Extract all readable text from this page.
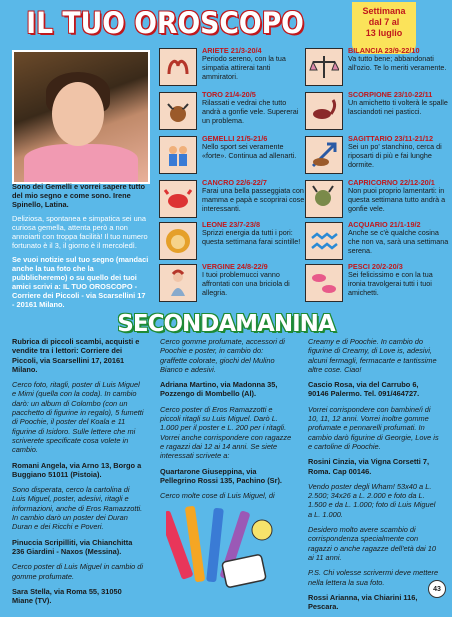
IL TUO OROSCOPO	Settimana
dal 7 al
13 luglio

Sono dei Gemelli e vorrei sapere tutto del mio segno e come sono. Irene Spinello, Latina.

Deliziosa, spontanea e simpatica sei una curiosa gemella, attenta però a non annoiarti con troppa facilità! Il tuo numero fortunato è il 3, il giorno è il mercoledì.

Se vuoi notizie sul tuo segno (mandaci anche la tua foto che la pubblicheremo) o su quello dei tuoi amici scrivi a: IL TUO OROSCOPO - Corriere dei Piccoli - via Scarsellini 17 - 20161 Milano.

ARIETE 21/3-20/4
Periodo sereno, con la tua simpatia attirerai tanti ammiratori.
TORO 21/4-20/5
Rilassati e vedrai che tutto andrà a gonfie vele. Supererai un problema.
GEMELLI 21/5-21/6
Nello sport sei veramente «forte». Continua ad allenarti.
CANCRO 22/6-22/7
Farai una bella passeggiata con mamma e papà e scoprirai cose interessanti.
LEONE 23/7-23/8
Sprizzi energia da tutti i pori: questa settimana farai scintille!
VERGINE 24/8-22/9
I tuoi problemucci vanno affrontati con una briciola di allegria.
BILANCIA 23/9-22/10
Va tutto bene; abbandonati all'ozio. Te lo meriti veramente.
SCORPIONE 23/10-22/11
Un amichetto ti volterà le spalle lasciandoti nei pasticci.
SAGITTARIO 23/11-21/12
Sei un po' stanchino, cerca di riposarti di più e fai lunghe dormite.
CAPRICORNO 22/12-20/1
Non puoi proprio lamentarti: in questa settimana tutto andrà a gonfie vele.
ACQUARIO 21/1-19/2
Anche se c'è qualche cosina che non va, sarà una settimana serena.
PESCI 20/2-20/3
Sei felicissimo e con la tua ironia travolgerai tutti i tuoi amichetti.
SECONDAMANINA

Rubrica di piccoli scambi, acquisti e vendite tra i lettori: Corriere dei Piccoli, via Scarsellini 17, 20161 Milano.

Cerco foto, ritagli, poster di Luis Miguel e Mimi (quella con la coda). In cambio darò: un album di Colombo (con un pacchetto di figurine in regalo), 5 fumetti di Poochie, il poster del Koala e 11 figurine di Isidoro. Sulle lettere che mi scriverete specificate cosa volete in cambio.

Romani Angela, via Arno 13, Borgo a Buggiano 51011 (Pistoia).

Sono disperata, cerco la cartolina di Luis Miguel, poster, adesivi, ritagli e informazioni, anche di Eros Ramazzotti. In cambio darò un poster dei Duran Duran e dei Ricchi e Poveri.

Pinuccia Scripilliti, via Chianchitta 236 Giardini - Naxos (Messina).

Cerco poster di Luis Miguel in cambio di gomme profumate.

Sara Stella, via Roma 55, 31050 Miane (TV).

Cerco gomme profumate, accessori di Poochie e poster, in cambio do: graffette colorate, giochi del Mulino Bianco e adesivi.

Adriana Martino, via Madonna 35, Pozzengo di Mombello (Al).

Cerco poster di Eros Ramazzotti e piccoli ritagli su Luis Miguel. Darò L. 1.000 per il poster e L. 200 per i ritagli. Vorrei anche corrispondere con ragazze e ragazzi dai 12 ai 14 anni. Se siete interessati scrivete a:

Quartarone Giuseppina, via Pellegrino Rossi 135, Pachino (Sr).

Cerco molte cose di Luis Miguel, di

Creamy e di Poochie. In cambio do figurine di Creamy, di Love is, adesivi, alcuni fermagli, fermacarte e tantissime altre cose. Ciao!

Cascio Rosa, via del Carrubo 6, 90146 Palermo. Tel. 091/464727.

Vorrei corrispondere con bambine/i di 10, 11, 12 anni. Vorrei inoltre gomme profumate e pennarelli profumati. In cambio darò figurine di Georgie, Love is e cartoline di Poochie.

Rosini Cinzia, via Vigna Corsetti 7, Roma. Cap 00146.

Vendo poster degli Wham! 53x40 a L. 2.500; 34x26 a L. 2.000 e foto da L. 1.500 e da L. 1.000; foto di Luis Miguel a L. 1.000.

Desidero molto avere scambio di corrispondenza specialmente con ragazzi o anche ragazze dell'età dai 10 ai 11 anni.

P.S. Chi volesse scrivermi deve mettere nella lettera la sua foto.

Rossi Arianna, via Chiarini 116, Pescara.

43
